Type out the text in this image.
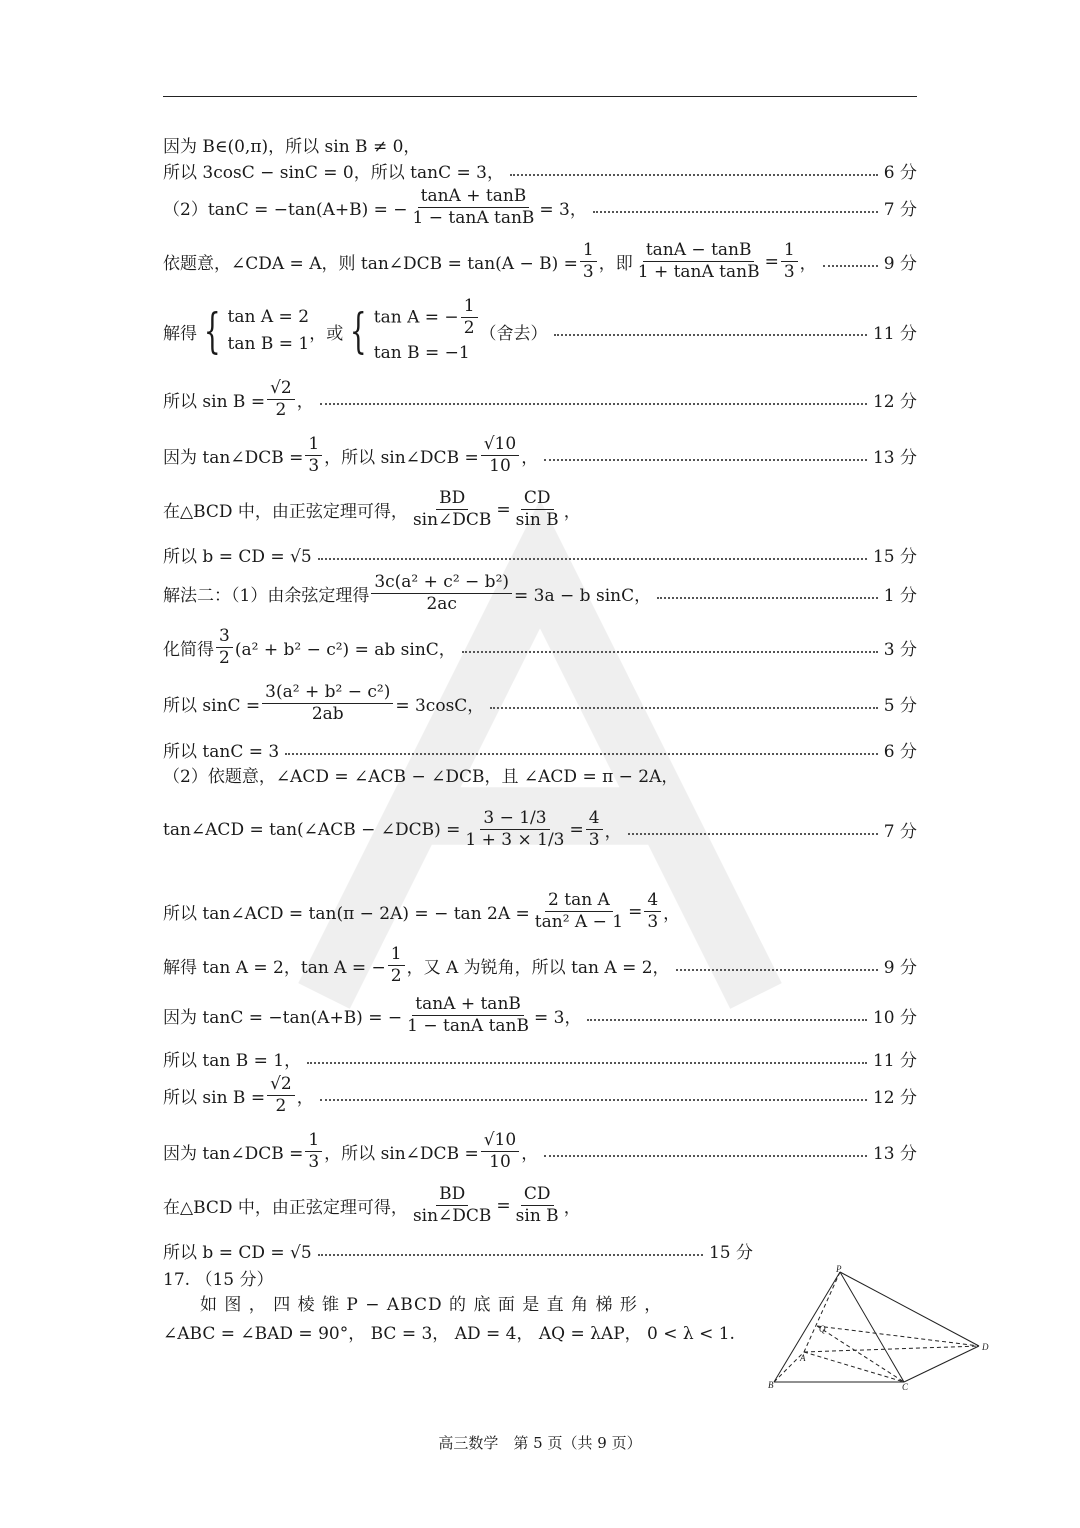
因为 B∈(0,π)，所以 sin B ≠ 0，
所以 3cosC − sinC = 0，所以 tanC = 3，	6 分
（2）tanC = −tan(A+B) = − $\frac{\tan A + \tan B}{\text{1 − tanA tanB}} = 3$，	7 分
依题意，∠CDA = A，则 tan∠DCB = $\tan(A - B) = \frac{1}{3}$ ，即 $\frac{\tan A - \tan B}{\text{1 + tanA tanB}} = \frac{1}{3}$ ，	9 分
解得 { tan A = 2
tan B = 1
，或 { tan A = − $\frac{1}{2}$
tan B = −1
（舍去）	11 分
所以 $\sin B = \frac{√2}{2}$ ，	12 分
因为 tan∠DCB = $\frac{1}{3}$ ，所以 sin∠DCB = $\frac{√10}{10}$ ，	13 分
在△BCD 中，由正弦定理可得， $\frac{BD}{\text{sin∠DCB}} = \frac{CD}{\text{sin B}}$ ，
所以 b = CD = √5	15 分
解法二：（1）由余弦定理得 $\frac{\text{3c(a² + c² − b²)}}{2ac} = 3a - b$ sinC，	1 分
化简得 $\frac{3}{2} (a^2 + b^2 - c^2)$ = ab sinC，	3 分
所以 $\sin C = \frac{\text{3(a² + b² − c²)}}{2ab} = 3\cos C$，	5 分
所以 tanC = 3	6 分
（2）依题意，∠ACD = ∠ACB − ∠DCB，且 ∠ACD = π − 2A，
tan∠ACD = tan(∠ACB − ∠DCB) = $\frac{3 - 1/3}{1 + 3 \times 1/3} = \frac{4}{3}$ ，	7 分
所以 tan∠ACD = tan(π − 2A) = − $\tan 2A = \frac{\text{2 tan A}}{\text{tan² A − 1}} = \frac{4}{3}$ ，
解得 tan A = 2，tan A = − $\frac{1}{2}$ ，又 A 为锐角，所以 tan A = 2，	9 分
因为 tanC = −tan(A+B) = − $\frac{\tan A + \tan B}{\text{1 − tanA tanB}} = 3$，	10 分
所以 tan B = 1，	11 分
所以 $\sin B = \frac{√2}{2}$ ，	12 分
因为 tan∠DCB = $\frac{1}{3}$ ，所以 sin∠DCB = $\frac{√10}{10}$ ，	13 分
在△BCD 中，由正弦定理可得， $\frac{BD}{\text{sin∠DCB}} = \frac{CD}{\text{sin B}}$ ，
所以 b = CD = √5	15 分
17. （15 分）
如 图 ， 四 棱 锥 P − ABCD 的 底 面 是 直 角 梯 形 ，
∠ABC = ∠BAD = 90°， BC = 3， AD = 4， AQ = λAP， 0 < λ < 1.
P
Q
A
B	C
D
高三数学　第 5 页（共 9 页）
